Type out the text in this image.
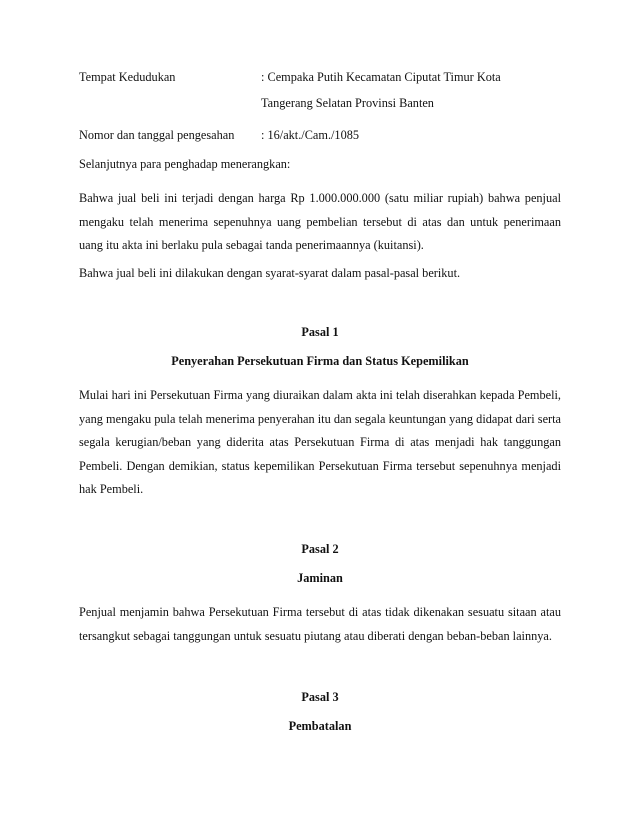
Tempat Kedudukan	: Cempaka Putih Kecamatan Ciputat Timur Kota
Tangerang Selatan Provinsi Banten
Nomor dan tanggal pengesahan : 16/akt./Cam./1085
Selanjutnya para penghadap menerangkan:
Bahwa jual beli ini terjadi dengan harga Rp 1.000.000.000 (satu miliar rupiah) bahwa penjual mengaku telah menerima sepenuhnya uang pembelian tersebut di atas dan untuk penerimaan uang itu akta ini berlaku pula sebagai tanda penerimaannya (kuitansi).
Bahwa jual beli ini dilakukan dengan syarat-syarat dalam pasal-pasal berikut.
Pasal 1
Penyerahan Persekutuan Firma dan Status Kepemilikan
Mulai hari ini Persekutuan Firma yang diuraikan dalam akta ini telah diserahkan kepada Pembeli, yang mengaku pula telah menerima penyerahan itu dan segala keuntungan yang didapat dari serta segala kerugian/beban yang diderita atas Persekutuan Firma di atas menjadi hak tanggungan Pembeli. Dengan demikian, status kepemilikan Persekutuan Firma tersebut sepenuhnya menjadi hak Pembeli.
Pasal 2
Jaminan
Penjual menjamin bahwa Persekutuan Firma tersebut di atas tidak dikenakan sesuatu sitaan atau tersangkut sebagai tanggungan untuk sesuatu piutang atau diberati dengan beban-beban lainnya.
Pasal 3
Pembatalan
